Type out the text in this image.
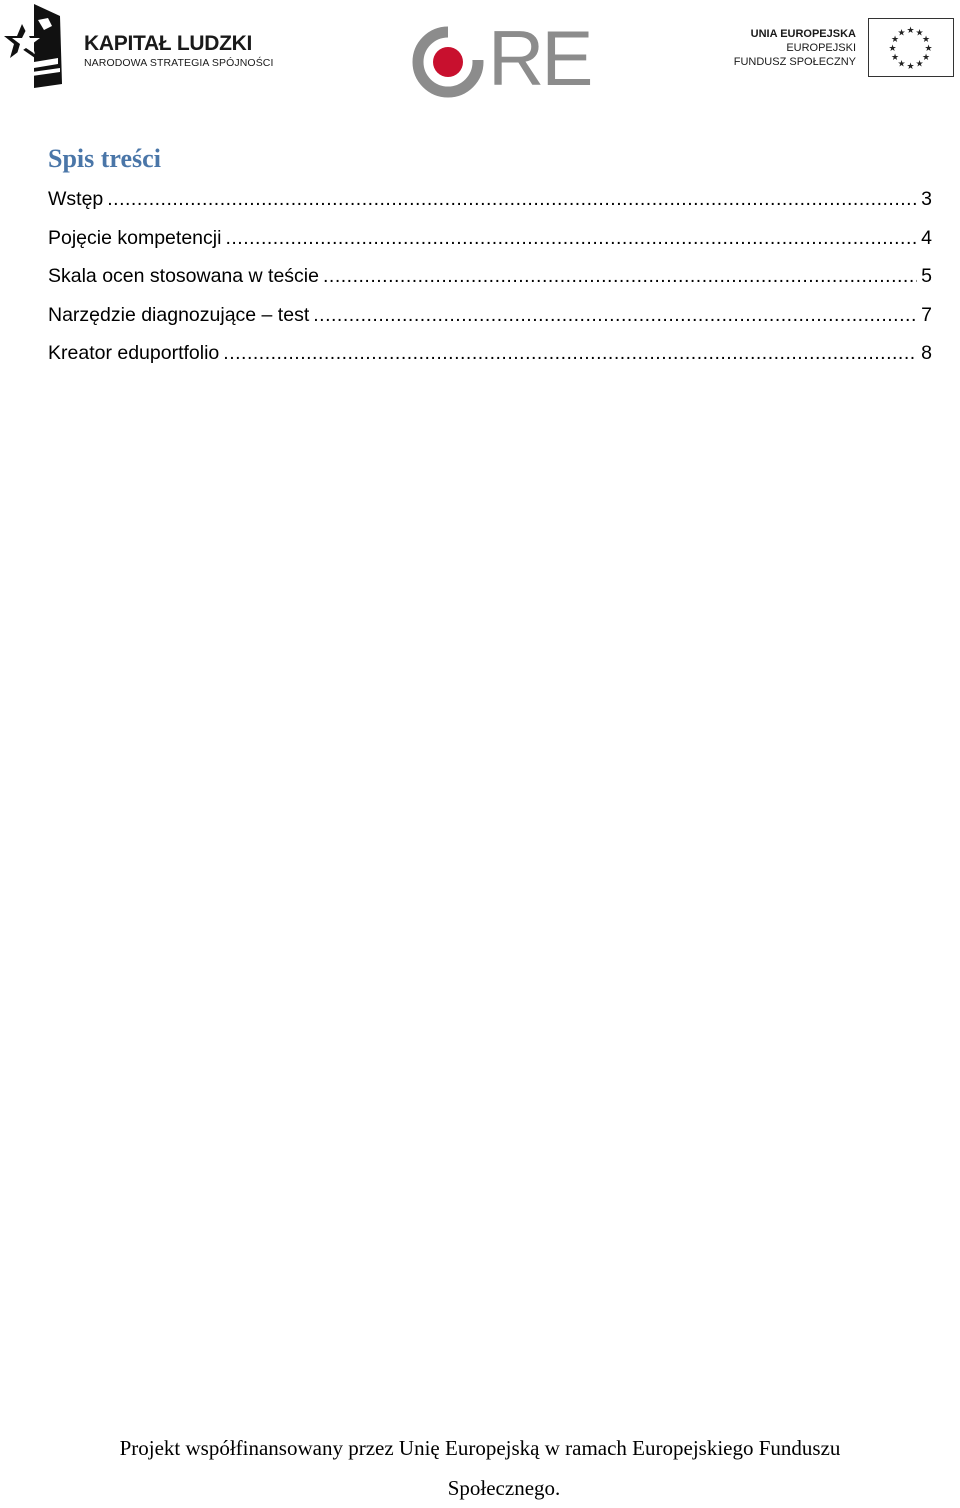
KAPITAŁ LUDZKI
NARODOWA STRATEGIA SPÓJNOŚCI	RE	UNIA EUROPEJSKA
EUROPEJSKI
FUNDUSZ SPOŁECZNY
★ ★
★
★
★
★
★
★
★
★
★
★
Spis treści
Wstęp .....	3
Pojęcie kompetencji .....	4
Skala ocen stosowana w teście .....	5
Narzędzie diagnozujące – test .....	7
Kreator eduportfolio .....	8
Projekt współfinansowany przez Unię Europejską w ramach Europejskiego Funduszu
Społecznego.
